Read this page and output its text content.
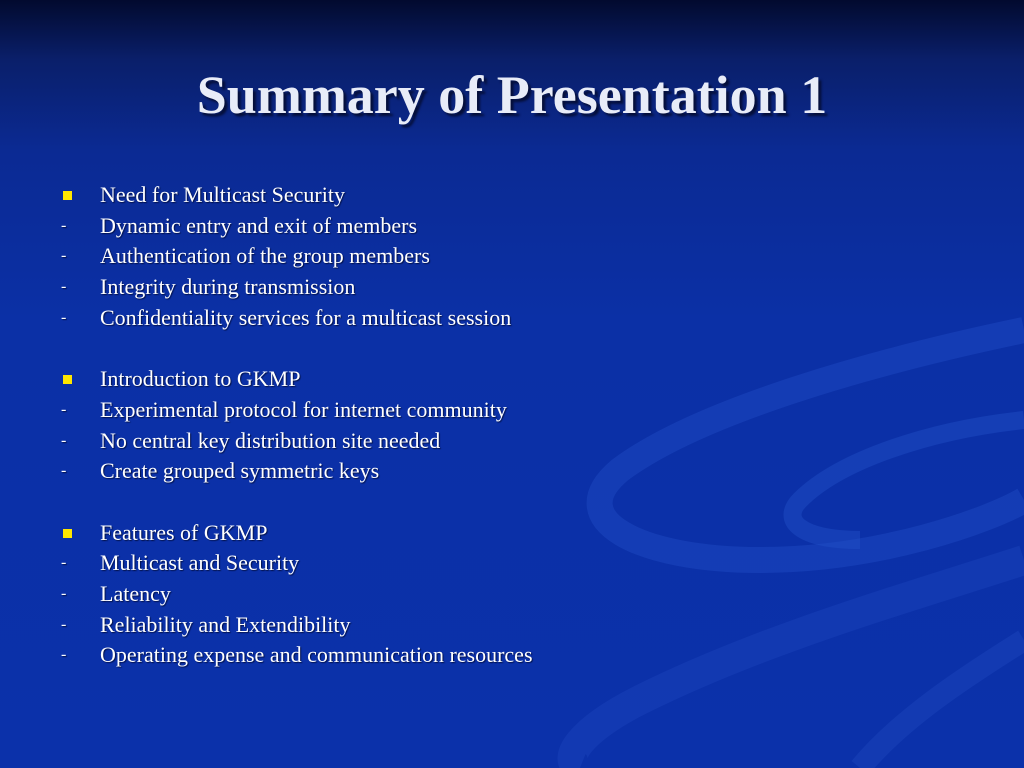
Summary of Presentation 1
Need for Multicast Security
- Dynamic entry and exit of members
- Authentication of the group members
- Integrity during transmission
- Confidentiality services for a multicast session
Introduction to GKMP
- Experimental protocol for internet community
- No central key distribution site needed
- Create grouped symmetric keys
Features of GKMP
- Multicast and Security
- Latency
- Reliability and Extendibility
- Operating expense and communication resources
